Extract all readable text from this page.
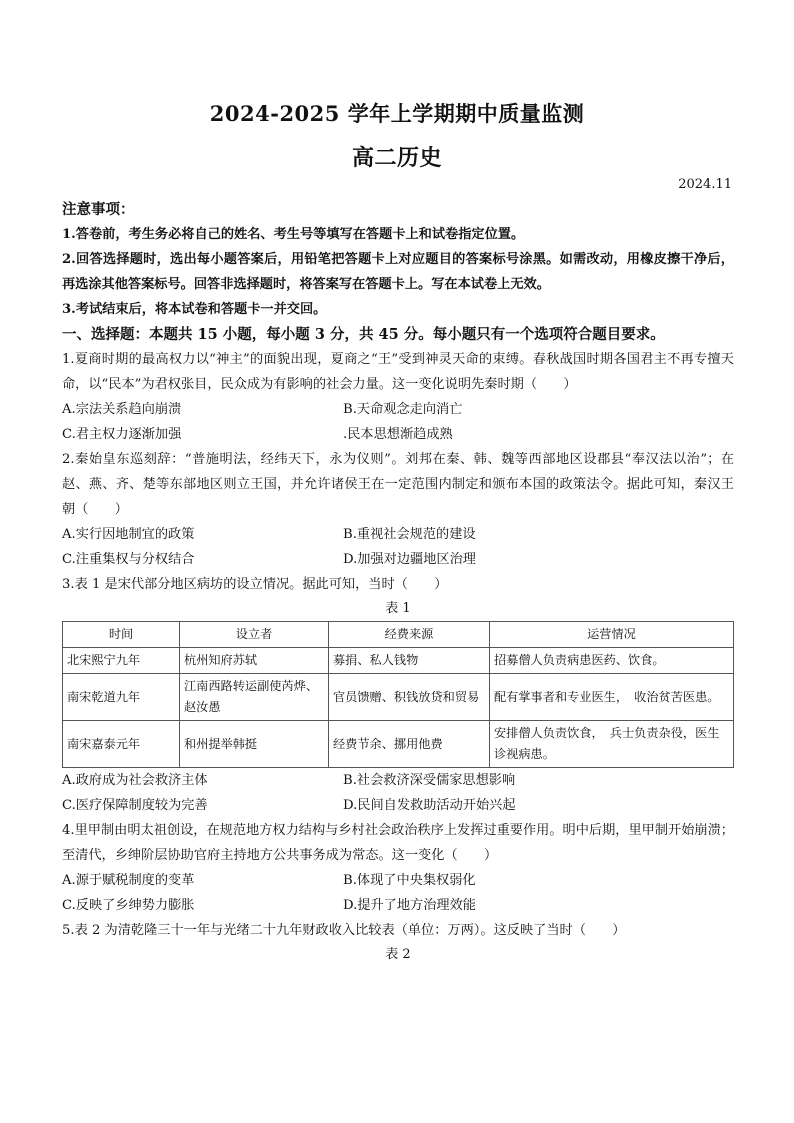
2024-2025 学年上学期期中质量监测
高二历史
2024.11
注意事项：
1.答卷前，考生务必将自己的姓名、考生号等填写在答题卡上和试卷指定位置。
2.回答选择题时，选出每小题答案后，用铅笔把答题卡上对应题目的答案标号涂黑。如需改动，用橡皮擦干净后，再选涂其他答案标号。回答非选择题时，将答案写在答题卡上。写在本试卷上无效。
3.考试结束后，将本试卷和答题卡一并交回。
一、选择题：本题共 15 小题，每小题 3 分，共 45 分。每小题只有一个选项符合题目要求。
1.夏商时期的最高权力以“神主”的面貌出现，夏商之“王”受到神灵天命的束缚。春秋战国时期各国君主不再专擅天命，以“民本”为君权张目，民众成为有影响的社会力量。这一变化说明先秦时期（　　）
A.宗法关系趋向崩溃	B.天命观念走向消亡
C.君主权力逐渐加强	.民本思想渐趋成熟
2.秦始皇东巡刻辞：“普施明法，经纬天下，永为仪则”。刘邦在秦、韩、魏等西部地区设郡县“奉汉法以治”；在赵、燕、齐、楚等东部地区则立王国，并允许诸侯王在一定范围内制定和颁布本国的政策法令。据此可知，秦汉王朝（　　）
A.实行因地制宜的政策	B.重视社会规范的建设
C.注重集权与分权结合	D.加强对边疆地区治理
3.表 1 是宋代部分地区病坊的设立情况。据此可知，当时（　　）
表 1
时间	设立者	经费来源	运营情况
北宋熙宁九年	杭州知府苏轼	募捐、私人钱物	招募僧人负责病患医药、饮食。
南宋乾道九年	江南西路转运副使芮烨、赵汝愚	官员馈赠、积钱放贷和贸易	配有掌事者和专业医生，　收治贫苦医患。
南宋嘉泰元年	和州提举韩挺	经费节余、挪用他费	安排僧人负责饮食，　兵士负责杂役，医生诊视病患。
A.政府成为社会救济主体	B.社会救济深受儒家思想影响
C.医疗保障制度较为完善	D.民间自发救助活动开始兴起
4.里甲制由明太祖创设，在规范地方权力结构与乡村社会政治秩序上发挥过重要作用。明中后期，里甲制开始崩溃；至清代，乡绅阶层协助官府主持地方公共事务成为常态。这一变化（　　）
A.源于赋税制度的变革	B.体现了中央集权弱化
C.反映了乡绅势力膨胀	D.提升了地方治理效能
5.表 2 为清乾隆三十一年与光绪二十九年财政收入比较表（单位：万两）。这反映了当时（　　）
表 2
